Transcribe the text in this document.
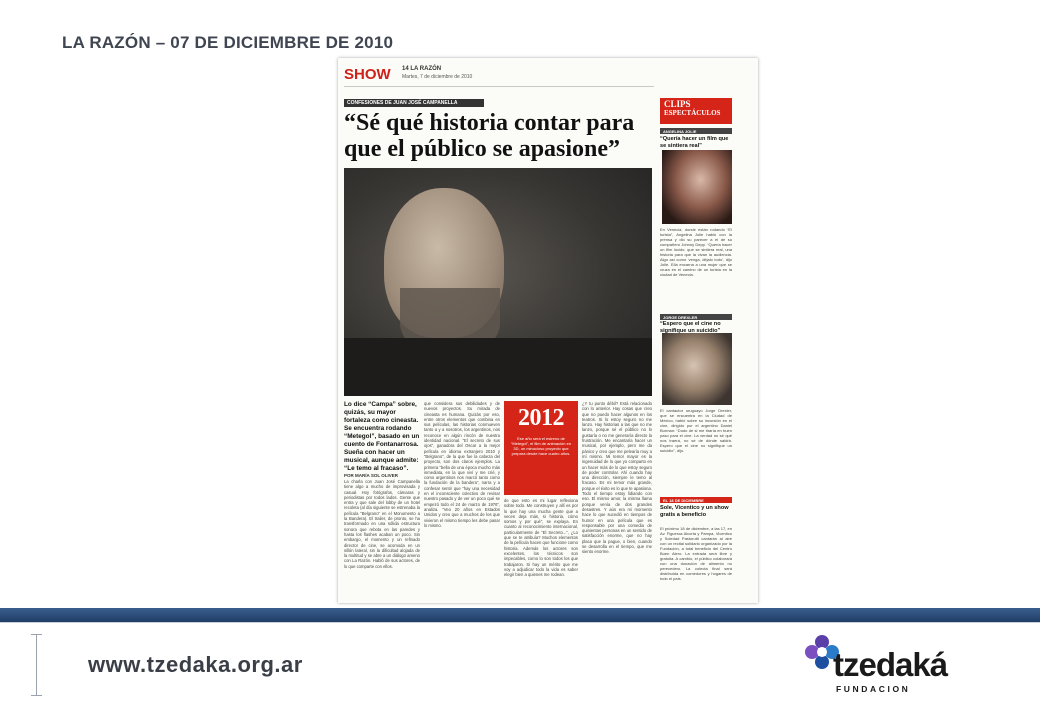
LA RAZÓN – 07 DE DICIEMBRE DE 2010
SHOW 14 LA RAZÓN
Martes, 7 de diciembre de 2010
CONFESIONES DE JUAN JOSÉ CAMPANELLA
“Sé qué historia contar para que el público se apasione”
Lo dice “Campa” sobre, quizás, su mayor fortaleza como cineasta. Se encuentra rodando “Metegol”, basado en un cuento de Fontanarrosa. Sueña con hacer un musical, aunque admite: “Le temo al fracaso”.
POR MARÍA SOL OLIVER
La charla con Juan José Campanella tiene algo a mucho de improvisada y casual. Hoy fotógrafos, cámaras y periodistas por todos lados. Gente que entra y que sale del lobby de un hotel recoleta (al día siguiente se estrenaba la película “Belgrano” en el Monumento a la Bandera). El trailer, de pronto, se ha transformado en una sólida estructura sonora que rebota en las paredes y hasta los flashes acaban un poco. Sin embargo, el momento y un refinado director de cine, se acomoda en un sillón lateral, sin la dificultad alojada de la multitud y se abre a un diálogo ameno con La Razón. Habló de sus actores, de lo que comparte con ellos.
que considera sus debilidades y de nuevos proyectos. Su mirada de cineasta es humana. Quizás por eso, entre otros elementos que combina en sus películas, las historias conmueven tanto a y a nosotros, los argentinos, nos reconoce en algún rincón de nuestra identidad nacional. “El secreto de sus ojos”, ganadora del Oscar a la mejor película en idioma extranjero 2010 y “Belgrano”, de la que fue la cabeza del proyecto, son dos claros ejemplos. La primera “bella de una época mucho más inmediata, en la que viví y me crié, y como argentinos nos marcó tanto como la fundación de la bandera”, narra y a confesar sentir que “hay una necesidad en el inconsciente colectivo de revisar nuestro pasado y de ver un poco qué se empezó todo el 24 de marzo de 1976”, analiza. “Veo 20 años en Estados Unidos y creo que a muchos de los que vivieron el mismo tiempo les debe pasar lo mismo.
2012
Ese año será el estreno de “Metegol”, el film de animación en 3D, un minucioso proyecto que prepara desde hace cuatro años.
de que esto es mi lugar reflexiona sobre todo. Me construyen y allí es por lo que hay una mucha gente que a veces deja más, si historia, cómo somos y por qué”, se explaya. En cuanto al reconocimiento internacional, particularmente de “El Secreto...”, ¿Lo que se te atribuía? Muchos elementos de la película hacen que funcione como historia. Además los actores son excelentes, los técnicos son impecables, como lo son todos los que trabajaron. Si hay un mérito que me voy a adjudicar todo la vida es saber elegir bien a quienes me rodean.
¿Y tu punto débil? Está relacionado con lo anterior. Hay cosas que creo que no puedo hacer algunos en los teatros. Si lo estoy seguro no me lanzo. Hay historias a las que no me lanzo, porque sé el público no lo gustaría o no me generaría directo la frustración. Me encantaría hacer un musical, por ejemplo, pero me da pánico y creo que me pelearía muy a mí mismo. Mi temor mayor es la ingenuidad de lo que yo comparto en un hacer más de lo que estoy seguro de poder controlar. Ahí cuando hay una dirección, siempre le temo al fracaso. Es mi temor más grande, porque el éxito es lo que te apasiona. Todo el tiempo estoy lidiando con eso. El mismo amor, la misma llama porque venía de dos grandes desastres. Y aún era mi momento hace lo que sucedió en tiempos de humor en una película que es responsable por una comedia de quinientas personas en un sentido de satisfacción enorme, que no hay placa que la pague, o bien, cuando se desarrolla en el tiempo, que me siento enorme.
CLIPS
ESPECTÁCULOS
ANGELINA JOLIE
“Quería hacer un film que se sintiera real”
En Venecia, donde están rodando “El turista”, Angelina Jolie habló con la prensa y dio su parecer a el de su compañero Johnny Depp. “Quería hacer un film lúcido, que se sintiera real, una historia para que la vivan la audiencia. Algo así como ‘venga, déjalo todo’, dijo Jolie. Ella encarna a una mujer que se cruza en el camino de un turista en la ciudad de Venecia.
JORGE DREXLER
“Espero que el cine no signifique un suicidio”
El cantautor uruguayo Jorge Drexler, que se encuentra en la Ciudad de México, habló sobre su incursión en el cine, dirigido por el argentino Daniel Burman: “Dudo de si me tiraría en buen paso para el cine. La verdad no sé qué nos traerá, no sé de dónde saldrá. Espero que el cine no signifique un suicidio”, dijo.
EL 18 DE DICIEMBRE
Sole, Vicentico y un show gratis a beneficio
El próximo 18 de diciembre, a las 17, en Av. Figueroa Alcorta y Pampa, Vicentico y Soledad Pastorutti cantarán al aire con un recital solidario organizado por la Fundación, a total beneficio del Centro Buen Alero. La entrada será libre y gratuita. A cambio, el público colaborará con una donación de alimento no perecedero. La colecta final será distribuida en comedores y hogares de todo el país.
www.tzedaka.org.ar	tzedaká
FUNDACION
